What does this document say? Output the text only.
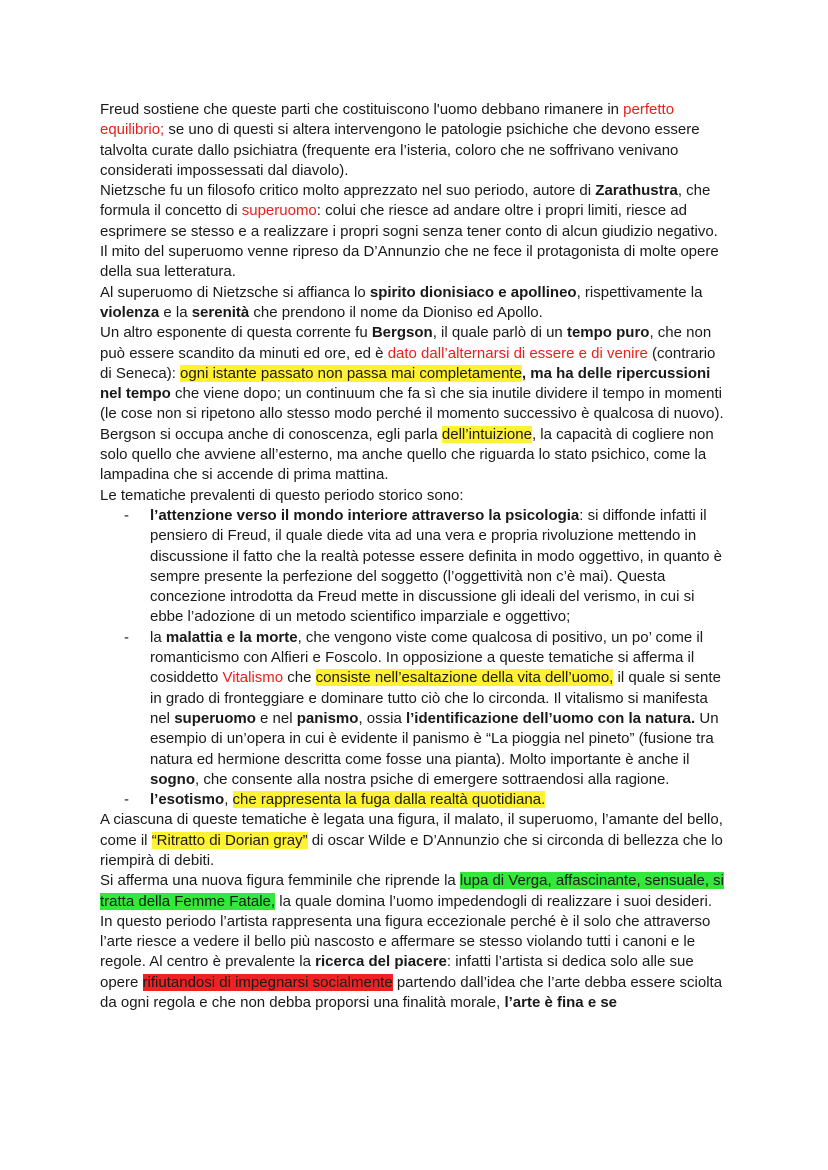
Freud sostiene che queste parti che costituiscono l'uomo debbano rimanere in perfetto equilibrio; se uno di questi si altera intervengono le patologie psichiche che devono essere talvolta curate dallo psichiatra (frequente era l’isteria, coloro che ne soffrivano venivano considerati impossessati dal diavolo).

Nietzsche fu un filosofo critico molto apprezzato nel suo periodo, autore di Zarathustra, che formula il concetto di superuomo: colui che riesce ad andare oltre i propri limiti, riesce ad esprimere se stesso e a realizzare i propri sogni senza tener conto di alcun giudizio negativo.

Il mito del superuomo venne ripreso da D’Annunzio che ne fece il protagonista di molte opere della sua letteratura.

Al superuomo di Nietzsche si affianca lo spirito dionisiaco e apollineo, rispettivamente la violenza e la serenità che prendono il nome da Dioniso ed Apollo.

Un altro esponente di questa corrente fu Bergson, il quale parlò di un tempo puro, che non può essere scandito da minuti ed ore, ed è dato dall’alternarsi di essere e di venire (contrario di Seneca): ogni istante passato non passa mai completamente, ma ha delle ripercussioni nel tempo che viene dopo; un continuum che fa sì che sia inutile dividere il tempo in momenti (le cose non si ripetono allo stesso modo perché il momento successivo è qualcosa di nuovo).

Bergson si occupa anche di conoscenza, egli parla dell’intuizione, la capacità di cogliere non solo quello che avviene all’esterno, ma anche quello che riguarda lo stato psichico, come la lampadina che si accende di prima mattina.

Le tematiche prevalenti di questo periodo storico sono:

- l’attenzione verso il mondo interiore attraverso la psicologia: si diffonde infatti il pensiero di Freud, il quale diede vita ad una vera e propria rivoluzione mettendo in discussione il fatto che la realtà potesse essere definita in modo oggettivo, in quanto è sempre presente la perfezione del soggetto (l’oggettività non c’è mai). Questa concezione introdotta da Freud mette in discussione gli ideali del verismo, in cui si ebbe l’adozione di un metodo scientifico imparziale e oggettivo;
- la malattia e la morte, che vengono viste come qualcosa di positivo, un po’ come il romanticismo con Alfieri e Foscolo. In opposizione a queste tematiche si afferma il cosiddetto Vitalismo che consiste nell’esaltazione della vita dell’uomo, il quale si sente in grado di fronteggiare e dominare tutto ciò che lo circonda. Il vitalismo si manifesta nel superuomo e nel panismo, ossia l’identificazione dell’uomo con la natura. Un esempio di un’opera in cui è evidente il panismo è “La pioggia nel pineto” (fusione tra natura ed hermione descritta come fosse una pianta). Molto importante è anche il sogno, che consente alla nostra psiche di emergere sottraendosi alla ragione.
- l’esotismo, che rappresenta la fuga dalla realtà quotidiana.

A ciascuna di queste tematiche è legata una figura, il malato, il superuomo, l’amante del bello, come il “Ritratto di Dorian gray” di oscar Wilde e D’Annunzio che si circonda di bellezza che lo riempirà di debiti.

Si afferma una nuova figura femminile che riprende la lupa di Verga, affascinante, sensuale, si tratta della Femme Fatale, la quale domina l’uomo impedendogli di realizzare i suoi desideri. In questo periodo l’artista rappresenta una figura eccezionale perché è il solo che attraverso l’arte riesce a vedere il bello più nascosto e affermare se stesso violando tutti i canoni e le regole. Al centro è prevalente la ricerca del piacere: infatti l’artista si dedica solo alle sue opere rifiutandosi di impegnarsi socialmente partendo dall’idea che l’arte debba essere sciolta da ogni regola e che non debba proporsi una finalità morale, l’arte è fina e se
